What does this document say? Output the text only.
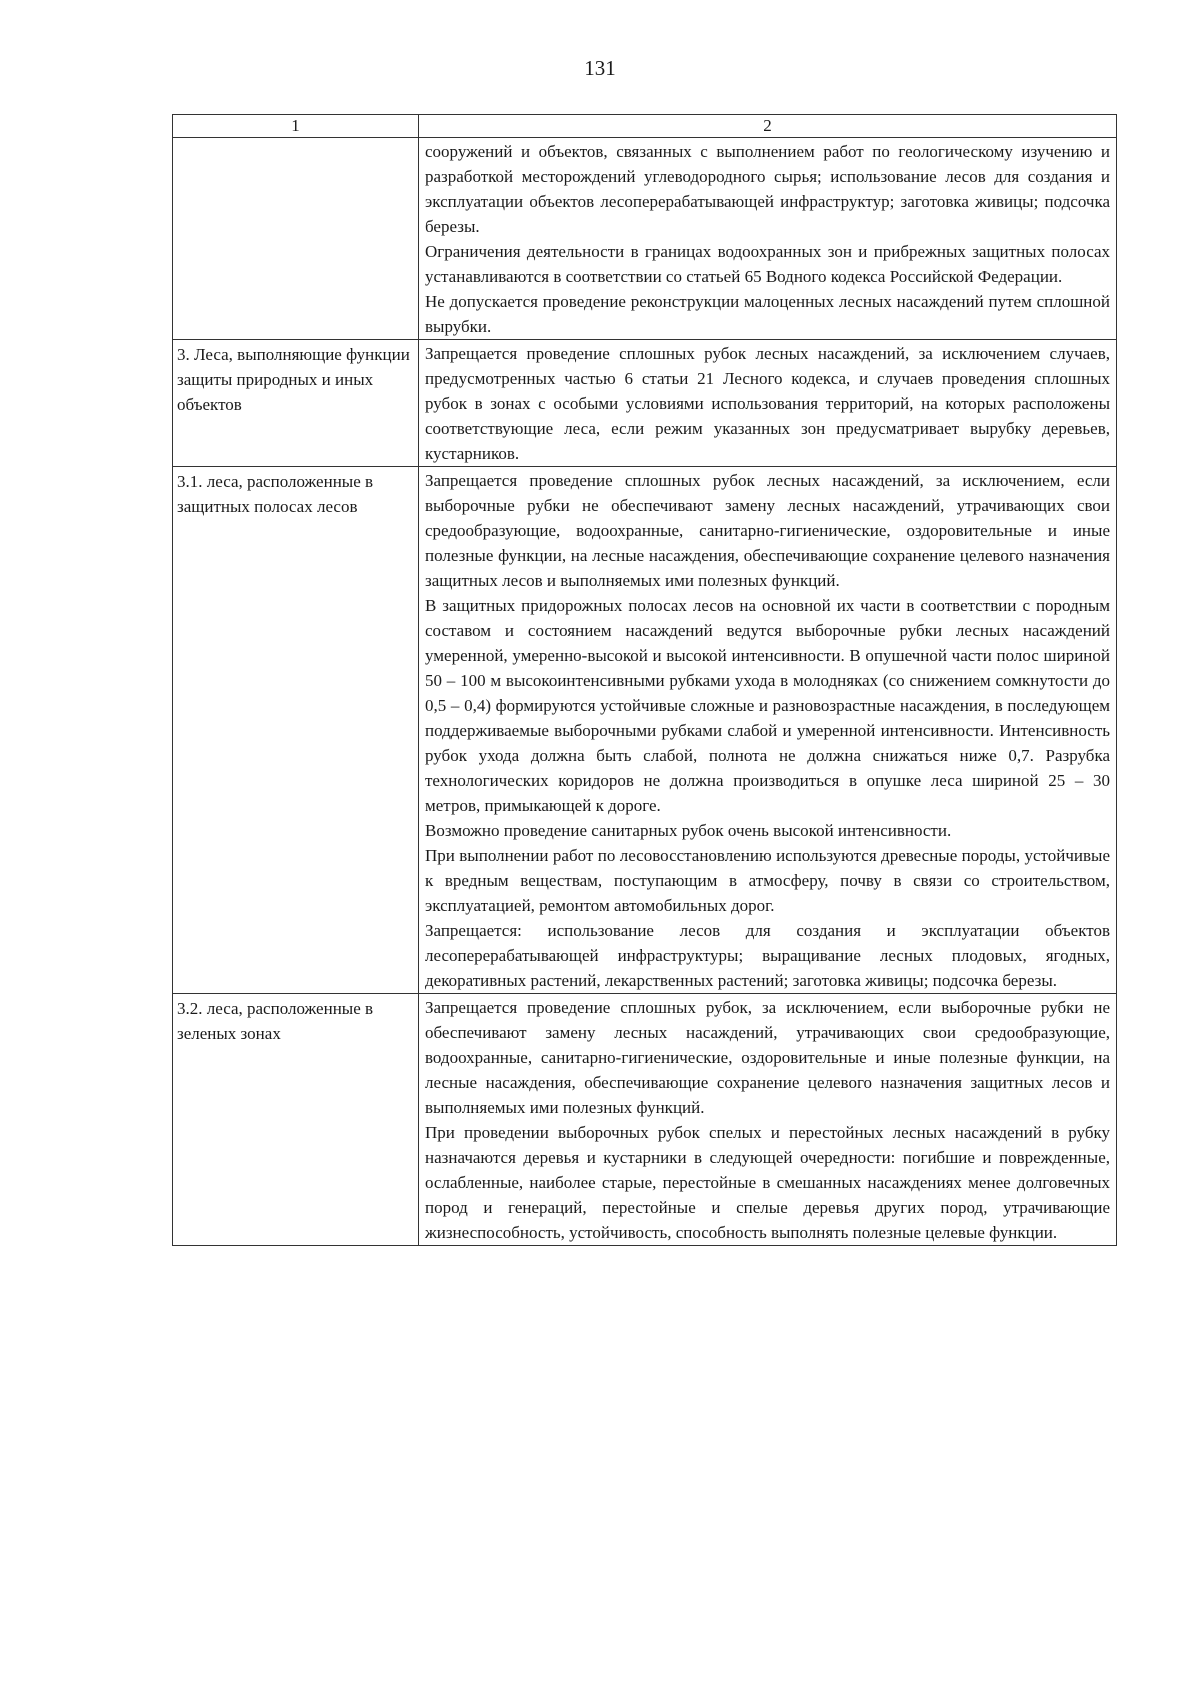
131
1	2

	сооружений и объектов, связанных с выполнением работ по геологическому изучению и разработкой месторождений углеводородного сырья; использование лесов для создания и эксплуатации объектов лесоперерабатывающей инфраструктур; заготовка живицы; подсочка березы.

Ограничения деятельности в границах водоохранных зон и прибрежных защитных полосах устанавливаются в соответствии со статьей 65 Водного кодекса Российской Федерации.

Не допускается проведение реконструкции малоценных лесных насаждений путем сплошной вырубки.

3. Леса, выполняющие функции защиты природных и иных объектов	Запрещается проведение сплошных рубок лесных насаждений, за исключением случаев, предусмотренных частью 6 статьи 21 Лесного кодекса, и случаев проведения сплошных рубок в зонах с особыми условиями использования территорий, на которых расположены соответствующие леса, если режим указанных зон предусматривает вырубку деревьев, кустарников.

3.1. леса, расположенные в защитных полосах лесов	Запрещается проведение сплошных рубок лесных насаждений, за исключением, если выборочные рубки не обеспечивают замену лесных насаждений, утрачивающих свои средообразующие, водоохранные, санитарно-гигиенические, оздоровительные и иные полезные функции, на лесные насаждения, обеспечивающие сохранение целевого назначения защитных лесов и выполняемых ими полезных функций.

В защитных придорожных полосах лесов на основной их части в соответствии с породным составом и состоянием насаждений ведутся выборочные рубки лесных насаждений умеренной, умеренно-высокой и высокой интенсивности. В опушечной части полос шириной 50 – 100 м высокоинтенсивными рубками ухода в молодняках (со снижением сомкнутости до 0,5 – 0,4) формируются устойчивые сложные и разновозрастные насаждения, в последующем поддерживаемые выборочными рубками слабой и умеренной интенсивности. Интенсивность рубок ухода должна быть слабой, полнота не должна снижаться ниже 0,7. Разрубка технологических коридоров не должна производиться в опушке леса шириной 25 – 30 метров, примыкающей к дороге.

Возможно проведение санитарных рубок очень высокой интенсивности.

При выполнении работ по лесовосстановлению используются древесные породы, устойчивые к вредным веществам, поступающим в атмосферу, почву в связи со строительством, эксплуатацией, ремонтом автомобильных дорог.

Запрещается: использование лесов для создания и эксплуатации объектов лесоперерабатывающей инфраструктуры; выращивание лесных плодовых, ягодных, декоративных растений, лекарственных растений; заготовка живицы; подсочка березы.

3.2. леса, расположенные в зеленых зонах	Запрещается проведение сплошных рубок, за исключением, если выборочные рубки не обеспечивают замену лесных насаждений, утрачивающих свои средообразующие, водоохранные, санитарно-гигиенические, оздоровительные и иные полезные функции, на лесные насаждения, обеспечивающие сохранение целевого назначения защитных лесов и выполняемых ими полезных функций.

При проведении выборочных рубок спелых и перестойных лесных насаждений в рубку назначаются деревья и кустарники в следующей очередности: погибшие и поврежденные, ослабленные, наиболее старые, перестойные в смешанных насаждениях менее долговечных пород и генераций, перестойные и спелые деревья других пород, утрачивающие жизнеспособность, устойчивость, способность выполнять полезные целевые функции.
